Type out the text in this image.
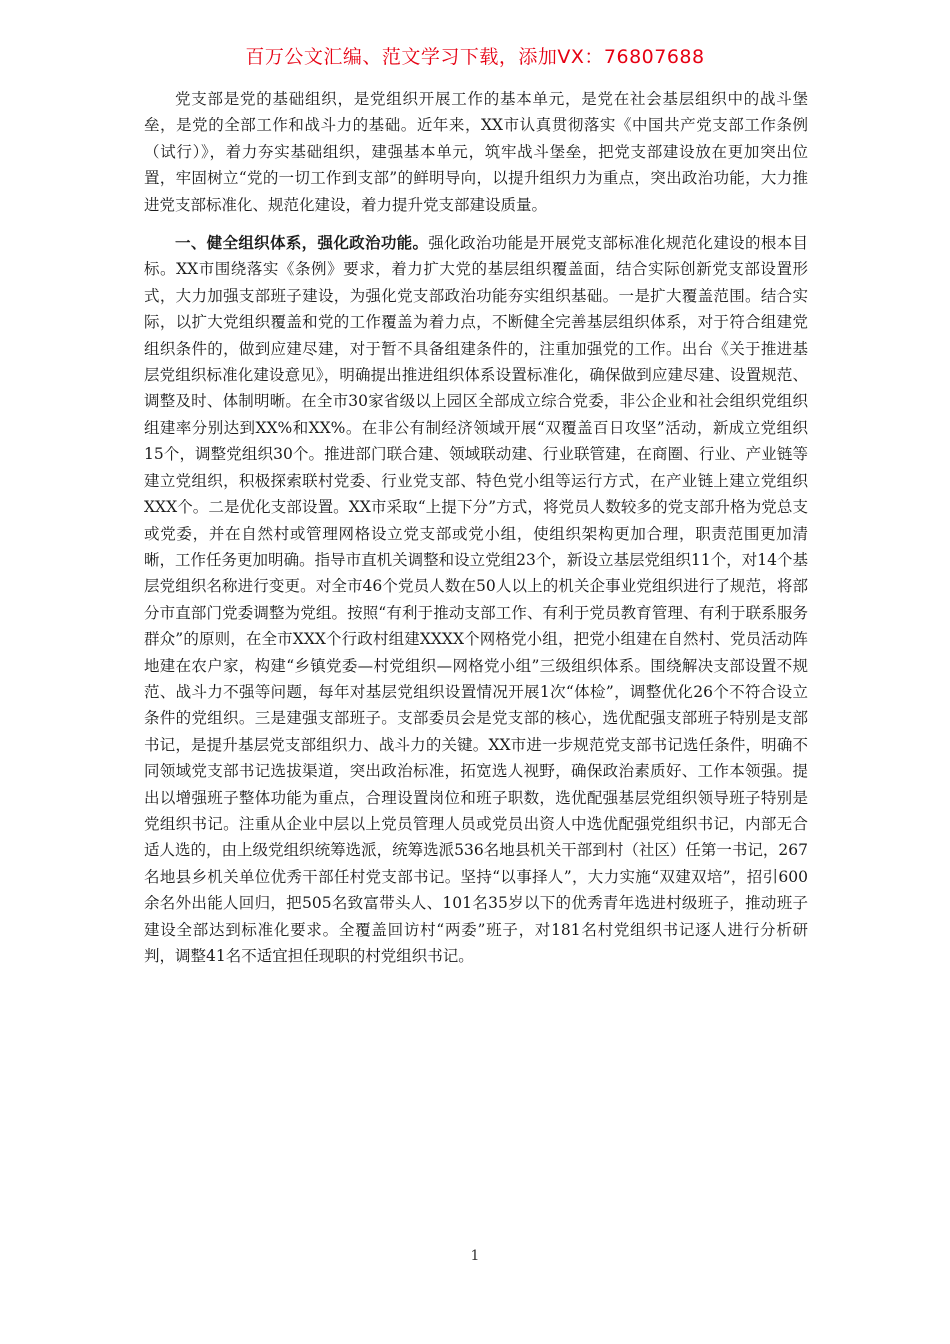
百万公文汇编、范文学习下载，添加VX：76807688

党支部是党的基础组织，是党组织开展工作的基本单元，是党在社会基层组织中的战斗堡垒，是党的全部工作和战斗力的基础。近年来，XX市认真贯彻落实《中国共产党支部工作条例（试行）》，着力夯实基础组织，建强基本单元，筑牢战斗堡垒，把党支部建设放在更加突出位置，牢固树立“党的一切工作到支部”的鲜明导向，以提升组织力为重点，突出政治功能，大力推进党支部标准化、规范化建设，着力提升党支部建设质量。

一、健全组织体系，强化政治功能。强化政治功能是开展党支部标准化规范化建设的根本目标。XX市围绕落实《条例》要求，着力扩大党的基层组织覆盖面，结合实际创新党支部设置形式，大力加强支部班子建设，为强化党支部政治功能夯实组织基础。一是扩大覆盖范围。结合实际，以扩大党组织覆盖和党的工作覆盖为着力点，不断健全完善基层组织体系，对于符合组建党组织条件的，做到应建尽建，对于暂不具备组建条件的，注重加强党的工作。出台《关于推进基层党组织标准化建设意见》，明确提出推进组织体系设置标准化，确保做到应建尽建、设置规范、调整及时、体制明晰。在全市30家省级以上园区全部成立综合党委，非公企业和社会组织党组织组建率分别达到XX%和XX%。在非公有制经济领域开展“双覆盖百日攻坚”活动，新成立党组织15个，调整党组织30个。推进部门联合建、领域联动建、行业联管建，在商圈、行业、产业链等建立党组织，积极探索联村党委、行业党支部、特色党小组等运行方式，在产业链上建立党组织XXX个。二是优化支部设置。XX市采取“上提下分”方式，将党员人数较多的党支部升格为党总支或党委，并在自然村或管理网格设立党支部或党小组，使组织架构更加合理，职责范围更加清晰，工作任务更加明确。指导市直机关调整和设立党组23个，新设立基层党组织11个，对14个基层党组织名称进行变更。对全市46个党员人数在50人以上的机关企事业党组织进行了规范，将部分市直部门党委调整为党组。按照“有利于推动支部工作、有利于党员教育管理、有利于联系服务群众”的原则，在全市XXX个行政村组建XXXX个网格党小组，把党小组建在自然村、党员活动阵地建在农户家，构建“乡镇党委—村党组织—网格党小组”三级组织体系。围绕解决支部设置不规范、战斗力不强等问题，每年对基层党组织设置情况开展1次“体检”，调整优化26个不符合设立条件的党组织。三是建强支部班子。支部委员会是党支部的核心，选优配强支部班子特别是支部书记，是提升基层党支部组织力、战斗力的关键。XX市进一步规范党支部书记选任条件，明确不同领域党支部书记选拔渠道，突出政治标准，拓宽选人视野，确保政治素质好、工作本领强。提出以增强班子整体功能为重点，合理设置岗位和班子职数，选优配强基层党组织领导班子特别是党组织书记。注重从企业中层以上党员管理人员或党员出资人中选优配强党组织书记，内部无合适人选的，由上级党组织统筹选派，统筹选派536名地县机关干部到村（社区）任第一书记，267名地县乡机关单位优秀干部任村党支部书记。坚持“以事择人”，大力实施“双建双培”，招引600余名外出能人回归，把505名致富带头人、101名35岁以下的优秀青年选进村级班子，推动班子建设全部达到标准化要求。全覆盖回访村“两委”班子，对181名村党组织书记逐人进行分析研判，调整41名不适宜担任现职的村党组织书记。

1
